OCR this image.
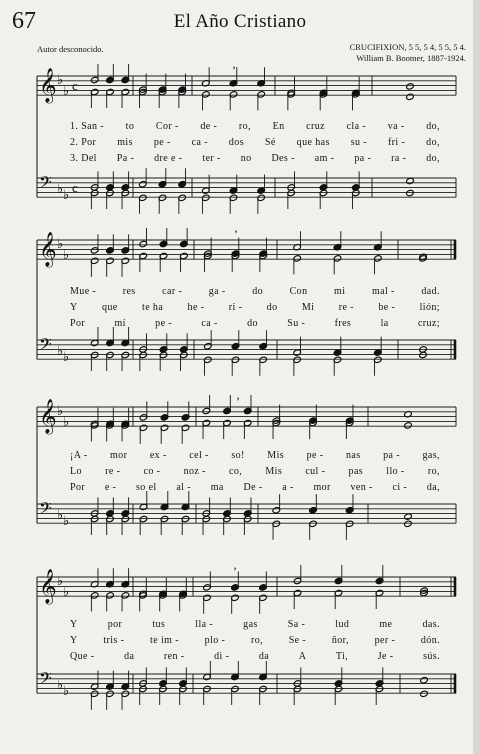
67	El Año Cristiano
Autor desconocido.	CRUCIFIXION, 5 5, 5 4, 5 5, 5 4.
William B. Boomer, 1887-1924.
𝄞 ♭
♭ c
𝄢 ♭ ♭
c
’
𝄞 ♭
♭
𝄢 ♭ ♭
’
𝄞 ♭
♭
𝄢 ♭ ♭
’
𝄞 ♭
♭
𝄢 ♭ ♭
’
1. San - to Cor - de - ro, En cruz cla - va - do,
2. Por mis pe - ca - dos Sé que has su - fri - do,
3. Del Pa - dre e - ter - no Des - am - pa - ra - do,
Mue -	res	car -	ga -	do	Con	mi	mal -	dad.
Y que te ha he - ri - do Mi re - be - lión;
Por	mí	pe -	ca -	do	Su -	fres	la	cruz;
¡A - mor ex - cel - so! Mis pe - nas pa - gas,
Lo re - co - noz - co, Mis cul - pas llo - ro,
Por e - so el al - ma De - a - mor ven - ci - da,
Y	por	tus	lla -	gas	Sa -	lud	me	das.
Y	tris -	te im -	plo -	ro,	Se -	ñor,	per -	dón.
Que -	da	ren -	di -	da	A	Ti,	Je -	sús.
